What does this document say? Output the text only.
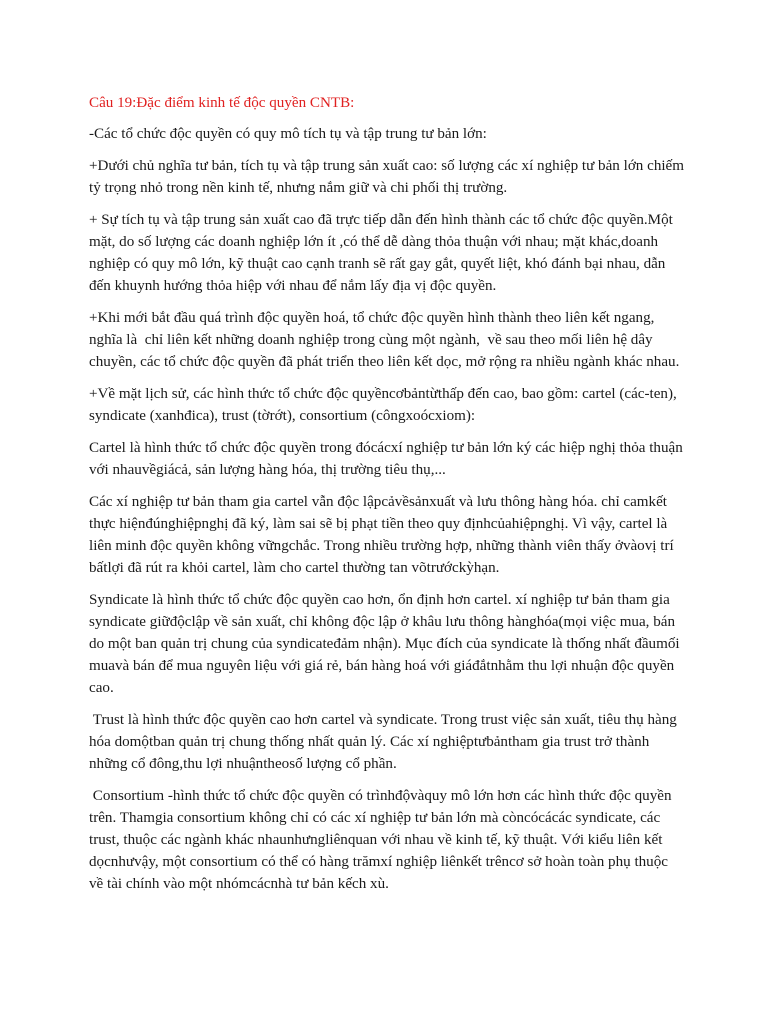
Câu 19:Đặc điểm kinh tế độc quyền CNTB:
-Các tổ chức độc quyền có quy mô tích tụ và tập trung tư bản lớn:
+Dưới chủ nghĩa tư bản, tích tụ và tập trung sản xuất cao: số lượng các xí nghiệp tư bản lớn chiếm tỷ trọng nhỏ trong nền kinh tế, nhưng nắm giữ và chi phối thị trường.
+ Sự tích tụ và tập trung sản xuất cao đã trực tiếp dẫn đến hình thành các tổ chức độc quyền.Một mặt, do số lượng các doanh nghiệp lớn ít ,có thể dễ dàng thỏa thuận với nhau; mặt khác,doanh nghiệp có quy mô lớn, kỹ thuật cao cạnh tranh sẽ rất gay gắt, quyết liệt, khó đánh bại nhau, dẫn đến khuynh hướng thỏa hiệp với nhau để nắm lấy địa vị độc quyền.
+Khi mới bắt đầu quá trình độc quyền hoá, tổ chức độc quyền hình thành theo liên kết ngang, nghĩa là  chỉ liên kết những doanh nghiệp trong cùng một ngành,  về sau theo mối liên hệ dây chuyền, các tổ chức độc quyền đã phát triển theo liên kết dọc, mở rộng ra nhiều ngành khác nhau.
+Về mặt lịch sử, các hình thức tổ chức độc quyềncơbảntừthấp đến cao, bao gồm: cartel (các-ten), syndicate (xanhđica), trust (tờrớt), consortium (côngxoócxiom):
Cartel là hình thức tổ chức độc quyền trong đócácxí nghiệp tư bản lớn ký các hiệp nghị thỏa thuận với nhauvềgiácả, sản lượng hàng hóa, thị trường tiêu thụ,...
Các xí nghiệp tư bản tham gia cartel vẫn độc lậpcảvềsảnxuất và lưu thông hàng hóa. chỉ camkết thực hiệnđúnghiệpnghị đã ký, làm sai sẽ bị phạt tiền theo quy địnhcủahiệpnghị. Vì vậy, cartel là liên minh độc quyền không vữngchắc. Trong nhiều trường hợp, những thành viên thấy ởvàovị trí bấtlợi đã rút ra khỏi cartel, làm cho cartel thường tan võtrướckỳhạn.
Syndicate là hình thức tổ chức độc quyền cao hơn, ổn định hơn cartel. xí nghiệp tư bản tham gia syndicate giữđộclập về sản xuất, chỉ không độc lập ở khâu lưu thông hànghóa(mọi việc mua, bán do một ban quản trị chung của syndicateđảm nhận). Mục đích của syndicate là thống nhất đầumối muavà bán để mua nguyên liệu với giá rẻ, bán hàng hoá với giáđắtnhằm thu lợi nhuận độc quyền cao.
Trust là hình thức độc quyền cao hơn cartel và syndicate. Trong trust việc sản xuất, tiêu thụ hàng hóa domộtban quản trị chung thống nhất quản lý. Các xí nghiệptưbảntham gia trust trở thành những cổ đông,thu lợi nhuậntheosố lượng cổ phần.
Consortium -hình thức tổ chức độc quyền có trìnhđộvàquy mô lớn hơn các hình thức độc quyền trên. Thamgia consortium không chỉ có các xí nghiệp tư bản lớn mà còncócácác syndicate, các trust, thuộc các ngành khác nhaunhưngliênquan với nhau về kinh tế, kỹ thuật. Với kiểu liên kết dọcnhưvậy, một consortium có thể có hàng trămxí nghiệp liênkết trêncơ sở hoàn toàn phụ thuộc về tài chính vào một nhómcácnhà tư bản kếch xù.
